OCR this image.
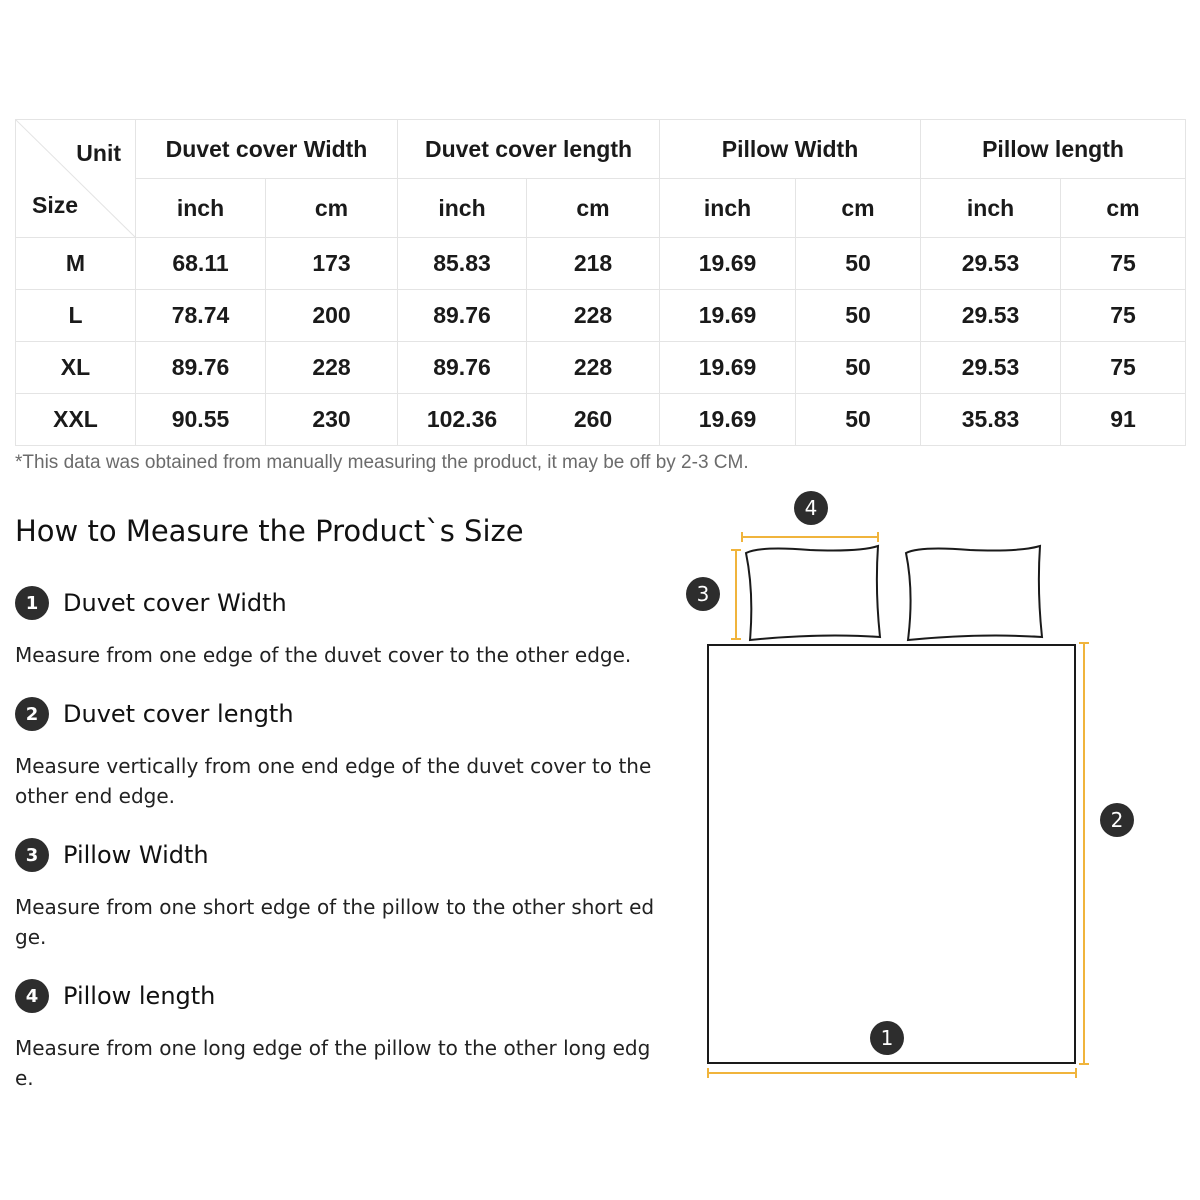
Unit
Size	Duvet cover Width		Duvet cover length		Pillow Width		Pillow length	
	inch	cm	inch	cm	inch	cm	inch	cm
M	68.11	173	85.83	218	19.69	50	29.53	75
L	78.74	200	89.76	228	19.69	50	29.53	75
XL	89.76	228	89.76	228	19.69	50	29.53	75
XXL	90.55	230	102.36	260	19.69	50	35.83	91
*This data was obtained from manually measuring the product, it may be off by 2-3 CM.
How to Measure the Product`s Size
1	Duvet cover Width
Measure from one edge of the duvet cover to the other edge.
2	Duvet cover length
Measure vertically from one end edge of the duvet cover to the other end edge.
3	Pillow Width
Measure from one short edge of the pillow to the other short edge.
4	Pillow length
Measure from one long edge of the pillow to the other long edge.
4
3
2
1
